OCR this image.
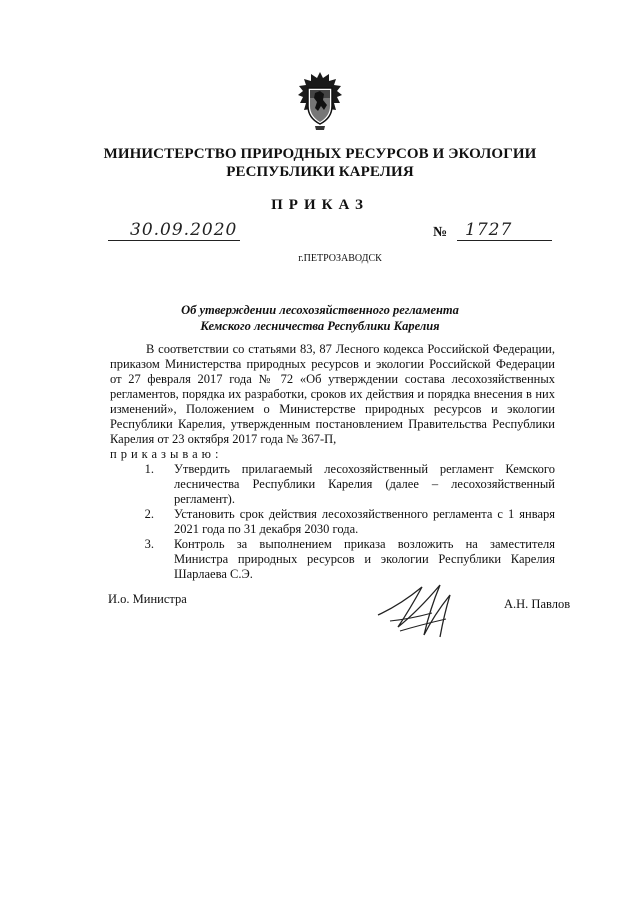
МИНИСТЕРСТВО ПРИРОДНЫХ РЕСУРСОВ И ЭКОЛОГИИ
РЕСПУБЛИКИ КАРЕЛИЯ
ПРИКАЗ
30.09.2020	№ 1727
г.ПЕТРОЗАВОДСК
Об утверждении лесохозяйственного регламента
Кемского лесничества Республики Карелия

В соответствии со статьями 83, 87 Лесного кодекса Российской Федерации, приказом Министерства природных ресурсов и экологии Российской Федерации от 27 февраля 2017 года № 72 «Об утверждении состава лесохозяйственных регламентов, порядка их разработки, сроков их действия и порядка внесения в них изменений», Положением о Министерстве природных ресурсов и экологии Республики Карелия, утвержденным постановлением Правительства Республики Карелия от 23 октября 2017 года № 367-П,

приказываю:

1.	Утвердить прилагаемый лесохозяйственный регламент Кемского лесничества Республики Карелия (далее – лесохозяйственный регламент).
2.	Установить срок действия лесохозяйственного регламента с 1 января 2021 года по 31 декабря 2030 года.
3.	Контроль за выполнением приказа возложить на заместителя Министра природных ресурсов и экологии Республики Карелия Шарлаева С.Э.
И.о. Министра	А.Н. Павлов
